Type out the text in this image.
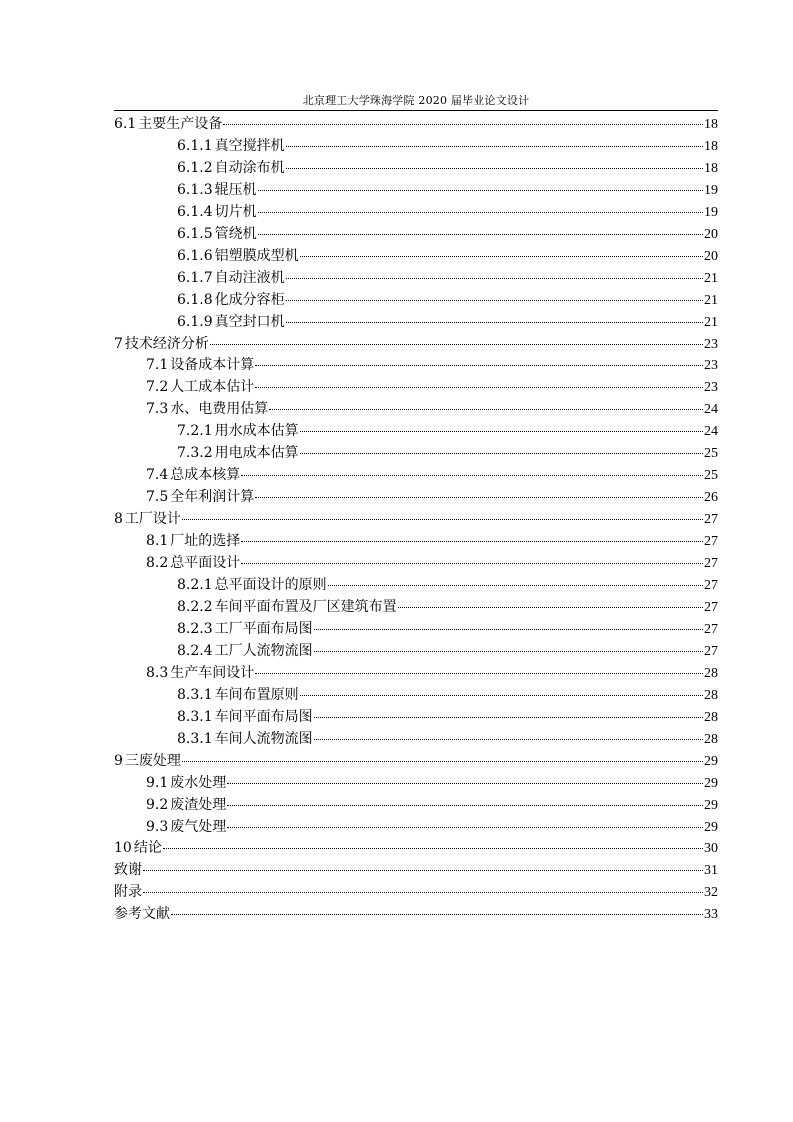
北京理工大学珠海学院 2020 届毕业论文设计
6.1 主要生产设备	18
6.1.1 真空搅拌机	18
6.1.2 自动涂布机	18
6.1.3 辊压机	19
6.1.4 切片机	19
6.1.5 管绕机	20
6.1.6 铝塑膜成型机	20
6.1.7 自动注液机	21
6.1.8 化成分容柜	21
6.1.9 真空封口机	21
7 技术经济分析	23
7.1 设备成本计算	23
7.2 人工成本估计	23
7.3 水、电费用估算	24
7.2.1 用水成本估算	24
7.3.2 用电成本估算	25
7.4 总成本核算	25
7.5 全年利润计算	26
8 工厂设计	27
8.1 厂址的选择	27
8.2 总平面设计	27
8.2.1 总平面设计的原则	27
8.2.2 车间平面布置及厂区建筑布置	27
8.2.3 工厂平面布局图	27
8.2.4 工厂人流物流图	27
8.3 生产车间设计	28
8.3.1 车间布置原则	28
8.3.1 车间平面布局图	28
8.3.1 车间人流物流图	28
9 三废处理	29
9.1 废水处理	29
9.2 废渣处理	29
9.3 废气处理	29
10 结论	30
致谢	31
附录	32
参考文献	33
